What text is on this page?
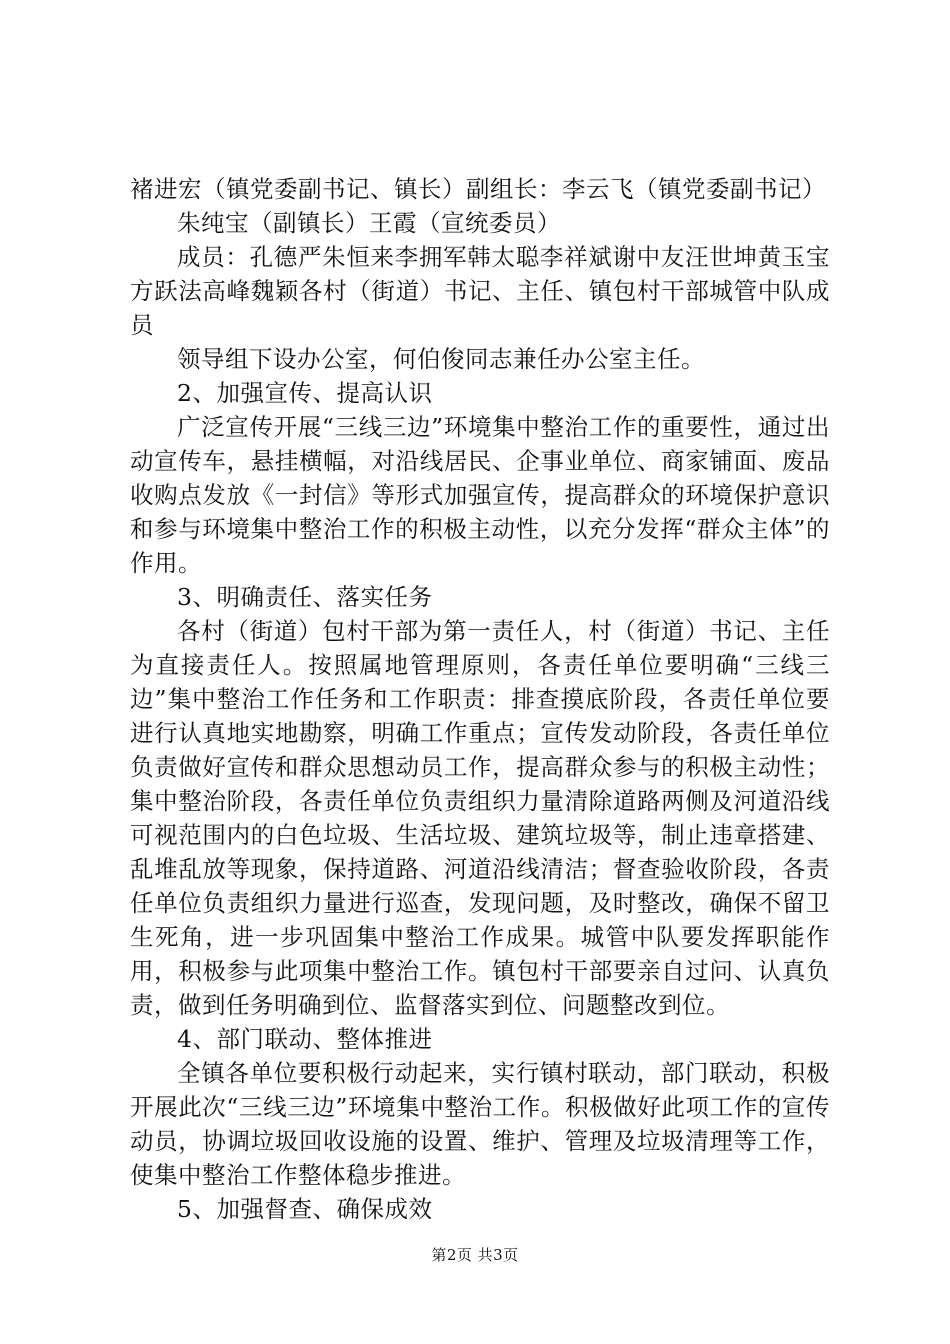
褚进宏（镇党委副书记、镇长）副组长：李云飞（镇党委副书记）

朱纯宝（副镇长）王霞（宣统委员）

成员：孔德严朱恒来李拥军韩太聪李祥斌谢中友汪世坤黄玉宝方跃法高峰魏颖各村（街道）书记、主任、镇包村干部城管中队成员

领导组下设办公室，何伯俊同志兼任办公室主任。

2、加强宣传、提高认识

广泛宣传开展“三线三边”环境集中整治工作的重要性，通过出动宣传车，悬挂横幅，对沿线居民、企事业单位、商家铺面、废品收购点发放《一封信》等形式加强宣传，提高群众的环境保护意识和参与环境集中整治工作的积极主动性，以充分发挥“群众主体”的作用。

3、明确责任、落实任务

各村（街道）包村干部为第一责任人，村（街道）书记、主任为直接责任人。按照属地管理原则，各责任单位要明确“三线三边”集中整治工作任务和工作职责：排查摸底阶段，各责任单位要进行认真地实地勘察，明确工作重点；宣传发动阶段，各责任单位负责做好宣传和群众思想动员工作，提高群众参与的积极主动性；集中整治阶段，各责任单位负责组织力量清除道路两侧及河道沿线可视范围内的白色垃圾、生活垃圾、建筑垃圾等，制止违章搭建、乱堆乱放等现象，保持道路、河道沿线清洁；督查验收阶段，各责任单位负责组织力量进行巡查，发现问题，及时整改，确保不留卫生死角，进一步巩固集中整治工作成果。城管中队要发挥职能作用，积极参与此项集中整治工作。镇包村干部要亲自过问、认真负责，做到任务明确到位、监督落实到位、问题整改到位。

4、部门联动、整体推进

全镇各单位要积极行动起来，实行镇村联动，部门联动，积极开展此次“三线三边”环境集中整治工作。积极做好此项工作的宣传动员，协调垃圾回收设施的设置、维护、管理及垃圾清理等工作，使集中整治工作整体稳步推进。

5、加强督查、确保成效

第2页 共3页
